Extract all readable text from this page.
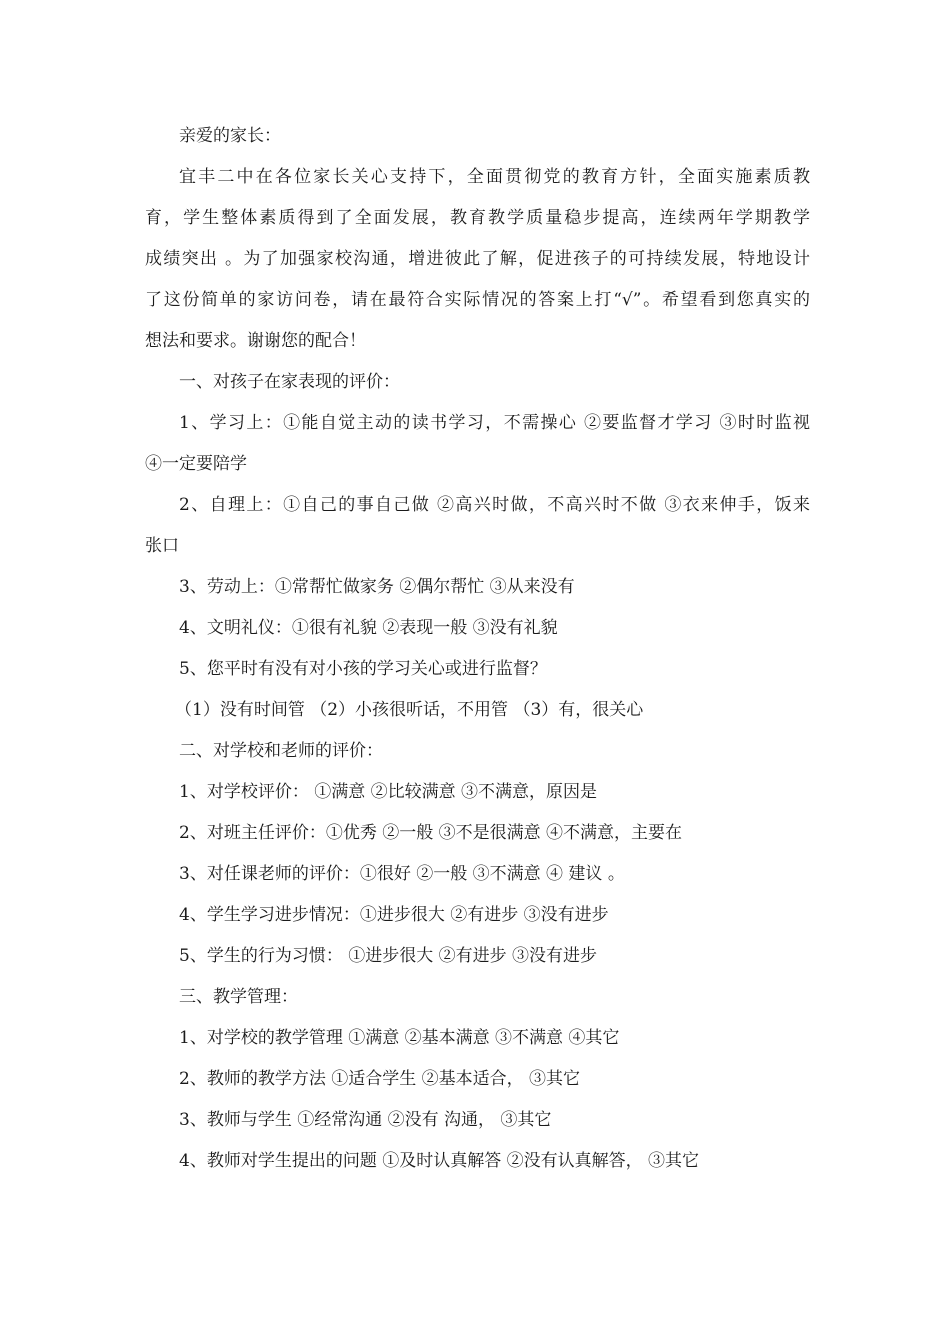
亲爱的家长：

宜丰二中在各位家长关心支持下，全面贯彻党的教育方针，全面实施素质教

育，学生整体素质得到了全面发展，教育教学质量稳步提高，连续两年学期教学

成绩突出 。为了加强家校沟通，增进彼此了解，促进孩子的可持续发展，特地设计

了这份简单的家访问卷，请在最符合实际情况的答案上打“√”。希望看到您真实的

想法和要求。谢谢您的配合！

一、对孩子在家表现的评价：

1、学习上：①能自觉主动的读书学习，不需操心 ②要监督才学习 ③时时监视

④一定要陪学

2、自理上：①自己的事自己做 ②高兴时做，不高兴时不做 ③衣来伸手，饭来

张口

3、劳动上：①常帮忙做家务 ②偶尔帮忙 ③从来没有

4、文明礼仪：①很有礼貌 ②表现一般 ③没有礼貌

5、您平时有没有对小孩的学习关心或进行监督？

（1）没有时间管 （2）小孩很听话，不用管 （3）有，很关心

二、对学校和老师的评价：

1、对学校评价： ①满意 ②比较满意 ③不满意，原因是

2、对班主任评价：①优秀 ②一般 ③不是很满意 ④不满意，主要在

3、对任课老师的评价：①很好 ②一般 ③不满意 ④ 建议 。

4、学生学习进步情况：①进步很大 ②有进步 ③没有进步

5、学生的行为习惯： ①进步很大 ②有进步 ③没有进步

三、教学管理：

1、对学校的教学管理 ①满意 ②基本满意 ③不满意 ④其它

2、教师的教学方法 ①适合学生 ②基本适合， ③其它

3、教师与学生 ①经常沟通 ②没有 沟通， ③其它

4、教师对学生提出的问题 ①及时认真解答 ②没有认真解答， ③其它
